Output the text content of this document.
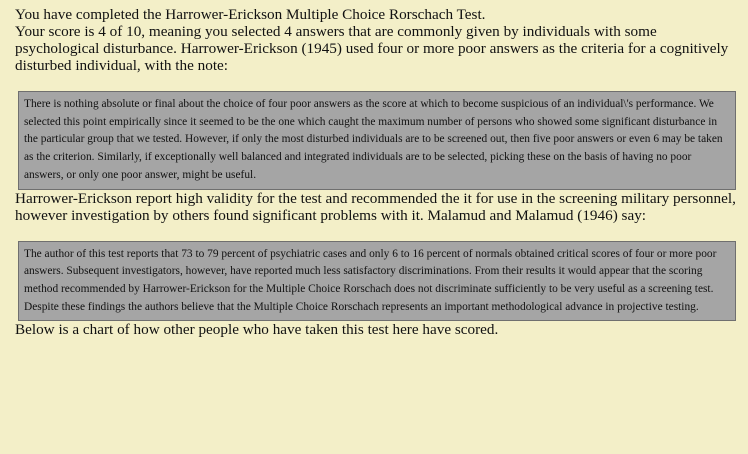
You have completed the Harrower-Erickson Multiple Choice Rorschach Test.

Your score is 4 of 10, meaning you selected 4 answers that are commonly given by individuals with some psychological disturbance. Harrower-Erickson (1945) used four or more poor answers as the criteria for a cognitively disturbed individual, with the note:

There is nothing absolute or final about the choice of four poor answers as the score at which to become suspicious of an individual\'s performance. We selected this point empirically since it seemed to be the one which caught the maximum number of persons who showed some significant disturbance in the particular group that we tested. However, if only the most disturbed individuals are to be screened out, then five poor answers or even 6 may be taken as the criterion. Similarly, if exceptionally well balanced and integrated individuals are to be selected, picking these on the basis of having no poor answers, or only one poor answer, might be useful.

Harrower-Erickson report high validity for the test and recommended the it for use in the screening military personnel, however investigation by others found significant problems with it. Malamud and Malamud (1946) say:

The author of this test reports that 73 to 79 percent of psychiatric cases and only 6 to 16 percent of normals obtained critical scores of four or more poor answers. Subsequent investigators, however, have reported much less satisfactory discriminations. From their results it would appear that the scoring method recommended by Harrower-Erickson for the Multiple Choice Rorschach does not discriminate sufficiently to be very useful as a screening test. Despite these findings the authors believe that the Multiple Choice Rorschach represents an important methodological advance in projective testing.

Below is a chart of how other people who have taken this test here have scored.
